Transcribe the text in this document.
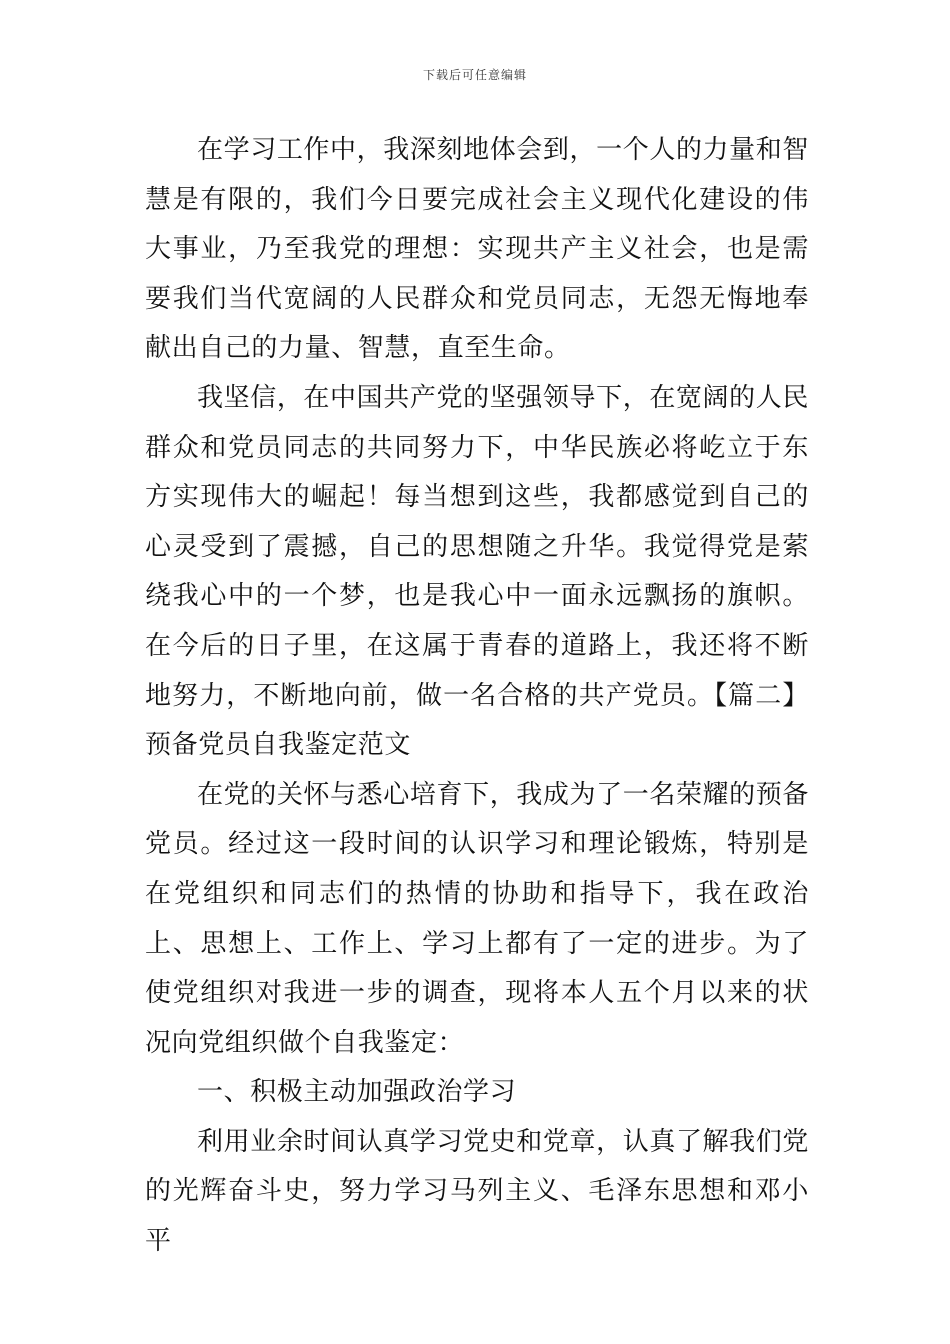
下载后可任意编辑

在学习工作中，我深刻地体会到，一个人的力量和智慧是有限的，我们今日要完成社会主义现代化建设的伟大事业，乃至我党的理想：实现共产主义社会，也是需要我们当代宽阔的人民群众和党员同志，无怨无悔地奉献出自己的力量、智慧，直至生命。

我坚信，在中国共产党的坚强领导下，在宽阔的人民群众和党员同志的共同努力下，中华民族必将屹立于东方实现伟大的崛起！每当想到这些，我都感觉到自己的心灵受到了震撼，自己的思想随之升华。我觉得党是萦绕我心中的一个梦，也是我心中一面永远飘扬的旗帜。在今后的日子里，在这属于青春的道路上，我还将不断地努力，不断地向前，做一名合格的共产党员。【篇二】预备党员自我鉴定范文

在党的关怀与悉心培育下，我成为了一名荣耀的预备党员。经过这一段时间的认识学习和理论锻炼，特别是在党组织和同志们的热情的协助和指导下，我在政治上、思想上、工作上、学习上都有了一定的进步。为了使党组织对我进一步的调查，现将本人五个月以来的状况向党组织做个自我鉴定：

一、积极主动加强政治学习

利用业余时间认真学习党史和党章，认真了解我们党的光辉奋斗史，努力学习马列主义、毛泽东思想和邓小平
